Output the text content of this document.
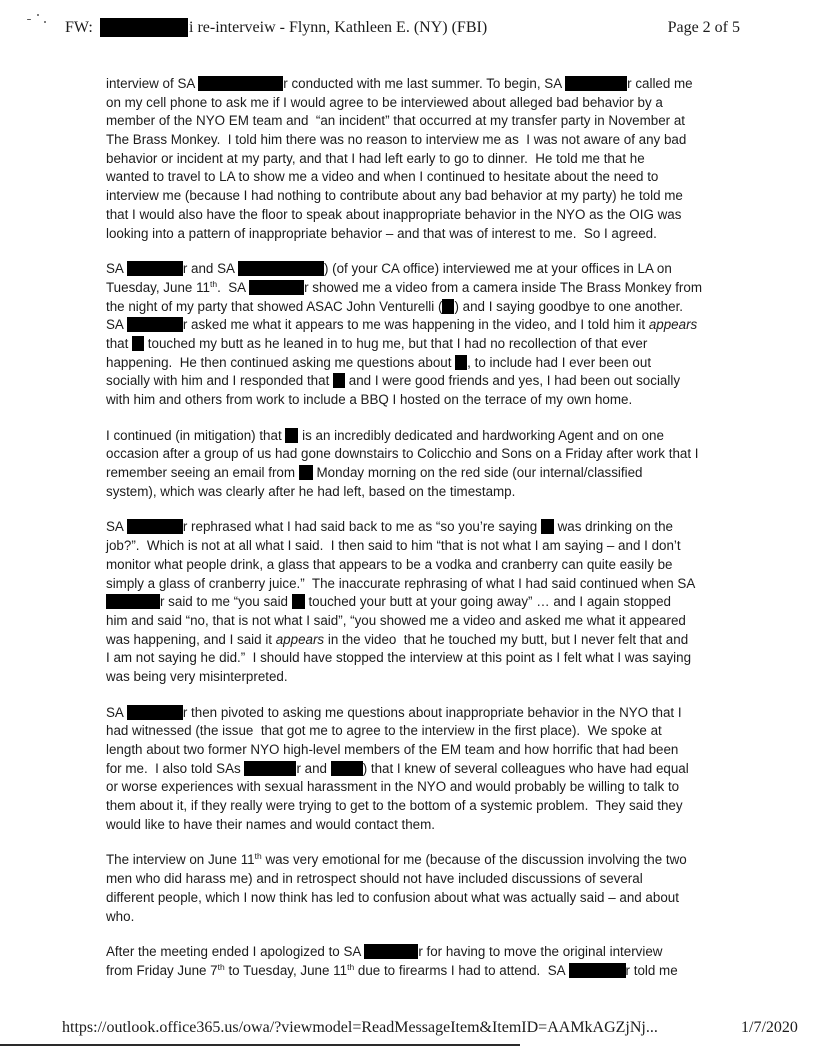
FW:	i re-interveiw - Flynn, Kathleen E. (NY) (FBI)	Page 2 of 5
interview of SA	r conducted with me last summer. To begin, SA	r called me
on my cell phone to ask me if I would agree to be interviewed about alleged bad behavior by a
member of the NYO EM team and  “an incident” that occurred at my transfer party in November at
The Brass Monkey.  I told him there was no reason to interview me as  I was not aware of any bad
behavior or incident at my party, and that I had left early to go to dinner.  He told me that he
wanted to travel to LA to show me a video and when I continued to hesitate about the need to
interview me (because I had nothing to contribute about any bad behavior at my party) he told me
that I would also have the floor to speak about inappropriate behavior in the NYO as the OIG was
looking into a pattern of inappropriate behavior – and that was of interest to me.  So I agreed.
SA	r and SA	) (of your CA office) interviewed me at your offices in LA on
Tuesday, June 11th.  SA	r showed me a video from a camera inside The Brass Monkey from
the night of my party that showed ASAC John Venturelli ( ) and I saying goodbye to one another.
SA	r asked me what it appears to me was happening in the video, and I told him it appears
that  touched my butt as he leaned in to hug me, but that I had no recollection of that ever
happening.  He then continued asking me questions about , to include had I ever been out
socially with him and I responded that  and I were good friends and yes, I had been out socially
with him and others from work to include a BBQ I hosted on the terrace of my own home.
I continued (in mitigation) that  is an incredibly dedicated and hardworking Agent and on one
occasion after a group of us had gone downstairs to Colicchio and Sons on a Friday after work that I
remember seeing an email from  Monday morning on the red side (our internal/classified
system), which was clearly after he had left, based on the timestamp.
SA	r rephrased what I had said back to me as “so you’re saying  was drinking on the
job?”.  Which is not at all what I said.  I then said to him “that is not what I am saying – and I don’t
monitor what people drink, a glass that appears to be a vodka and cranberry can quite easily be
simply a glass of cranberry juice.”  The inaccurate rephrasing of what I had said continued when SA
r said to me “you said  touched your butt at your going away” … and I again stopped
him and said “no, that is not what I said”, “you showed me a video and asked me what it appeared
was happening, and I said it appears in the video  that he touched my butt, but I never felt that and
I am not saying he did.”  I should have stopped the interview at this point as I felt what I was saying
was being very misinterpreted.
SA	r then pivoted to asking me questions about inappropriate behavior in the NYO that I
had witnessed (the issue  that got me to agree to the interview in the first place).  We spoke at
length about two former NYO high-level members of the EM team and how horrific that had been
for me.  I also told SAs	r and ) that I knew of several colleagues who have had equal
or worse experiences with sexual harassment in the NYO and would probably be willing to talk to
them about it, if they really were trying to get to the bottom of a systemic problem.  They said they
would like to have their names and would contact them.
The interview on June 11th was very emotional for me (because of the discussion involving the two
men who did harass me) and in retrospect should not have included discussions of several
different people, which I now think has led to confusion about what was actually said – and about
who.
After the meeting ended I apologized to SA	r for having to move the original interview
from Friday June 7th to Tuesday, June 11th due to firearms I had to attend.  SA	r told me
https://outlook.office365.us/owa/?viewmodel=ReadMessageItem&ItemID=AAMkAGZjNj...	1/7/2020
